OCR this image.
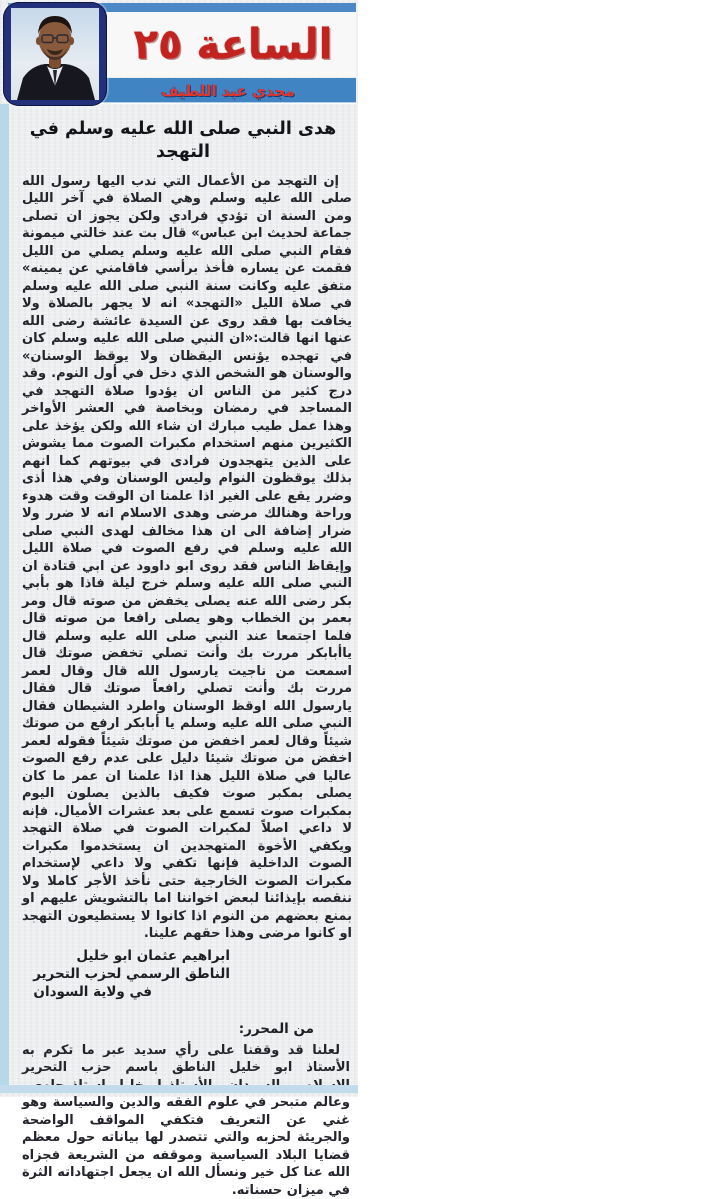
الساعة ٢٥
مجدي عبد اللطيف
هدى النبي صلى الله عليه وسلم في التهجد
إن التهجد من الأعمال التي ندب اليها رسول الله صلى الله عليه وسلم وهي الصلاة في آخر الليل ومن السنة ان تؤدي فرادي ولكن يجوز ان تصلى جماعة لحديث ابن عباس» قال بت عند خالتي ميمونة فقام النبي صلى الله عليه وسلم يصلي من الليل فقمت عن يساره فأخذ برأسي فاقامني عن يمينه» متفق عليه وكانت سنة النبي صلى الله عليه وسلم في صلاة الليل «التهجد» انه لا يجهر بالصلاة ولا يخافت بها فقد روى عن السيدة عائشة رضى الله عنها انها قالت:«ان النبي صلى الله عليه وسلم كان في تهجده يؤنس اليقظان ولا يوقظ الوسنان» والوسنان هو الشخص الذي دخل في أول النوم. وقد درج كثير من الناس ان يؤدوا صلاة التهجد في المساجد في رمضان وبخاصة في العشر الأواخر وهذا عمل طيب مبارك ان شاء الله ولكن يؤخذ على الكثيرين منهم استخدام مكبرات الصوت مما يشوش على الذين يتهجدون فرادى في بيوتهم كما انهم بذلك يوقظون النوام وليس الوسنان وفي هذا أذى وضرر يقع على الغير اذا علمنا ان الوقت وقت هدوء وراحة وهنالك مرضى وهدى الاسلام انه لا ضرر ولا ضرار إضافة الى ان هذا مخالف لهدى النبي صلى الله عليه وسلم في رفع الصوت في صلاة الليل وإيقاظ الناس فقد روى ابو داوود عن ابي قتادة ان النبي صلى الله عليه وسلم خرج ليلة فاذا هو بأبي بكر رضى الله عنه يصلى يخفض من صوته قال ومر بعمر بن الخطاب وهو يصلى رافعا من صوته قال فلما اجتمعا عند النبي صلى الله عليه وسلم قال ياأبابكر مررت بك وأنت تصلي تخفض صوتك قال اسمعت من ناجيت يارسول الله قال وقال لعمر مررت بك وأنت تصلي رافعاً صوتك قال فقال يارسول الله اوقظ الوسنان واطرد الشيطان فقال النبي صلى الله عليه وسلم يا أبابكر ارفع من صوتك شيئاً وقال لعمر اخفض من صوتك شيئاً فقوله لعمر اخفض من صوتك شيئا دليل على عدم رفع الصوت عاليا في صلاة الليل هذا اذا علمنا ان عمر ما كان يصلى بمكبر صوت فكيف بالذين يصلون اليوم بمكبرات صوت تسمع على بعد عشرات الأميال. فإنه لا داعي اصلاً لمكبرات الصوت في صلاة التهجد ويكفي الأخوة المتهجدين ان يستخدموا مكبرات الصوت الداخلية فإنها تكفي ولا داعي لإستخدام مكبرات الصوت الخارجية حتى نأخذ الأجر كاملا ولا ننقصه بإيذائنا لبعض اخواننا اما بالتشويش عليهم او بمنع بعضهم من النوم اذا كانوا لا يستطيعون التهجد او كانوا مرضى وهذا حقهم علينا.
ابراهيم عثمان ابو خليل
الناطق الرسمي لحزب التحرير
في ولاية السودان
من المحرر:
لعلنا قد وقفنا على رأي سديد عبر ما تكرم به الأستاذ ابو خليل الناطق باسم حزب التحرير وعالم متبحر في علوم الفقه والدين والسياسة وهو غني عن التعريف فتكفي المواقف الواضحة والجريئة لحزبه والتي تتصدر لها بياناته حول معظم قضايا البلاد السياسية وموقفه من الشريعة فجزاه الله عنا كل خير ونسأل الله ان يجعل اجتهاداته الثرة في ميزان حسناته.
